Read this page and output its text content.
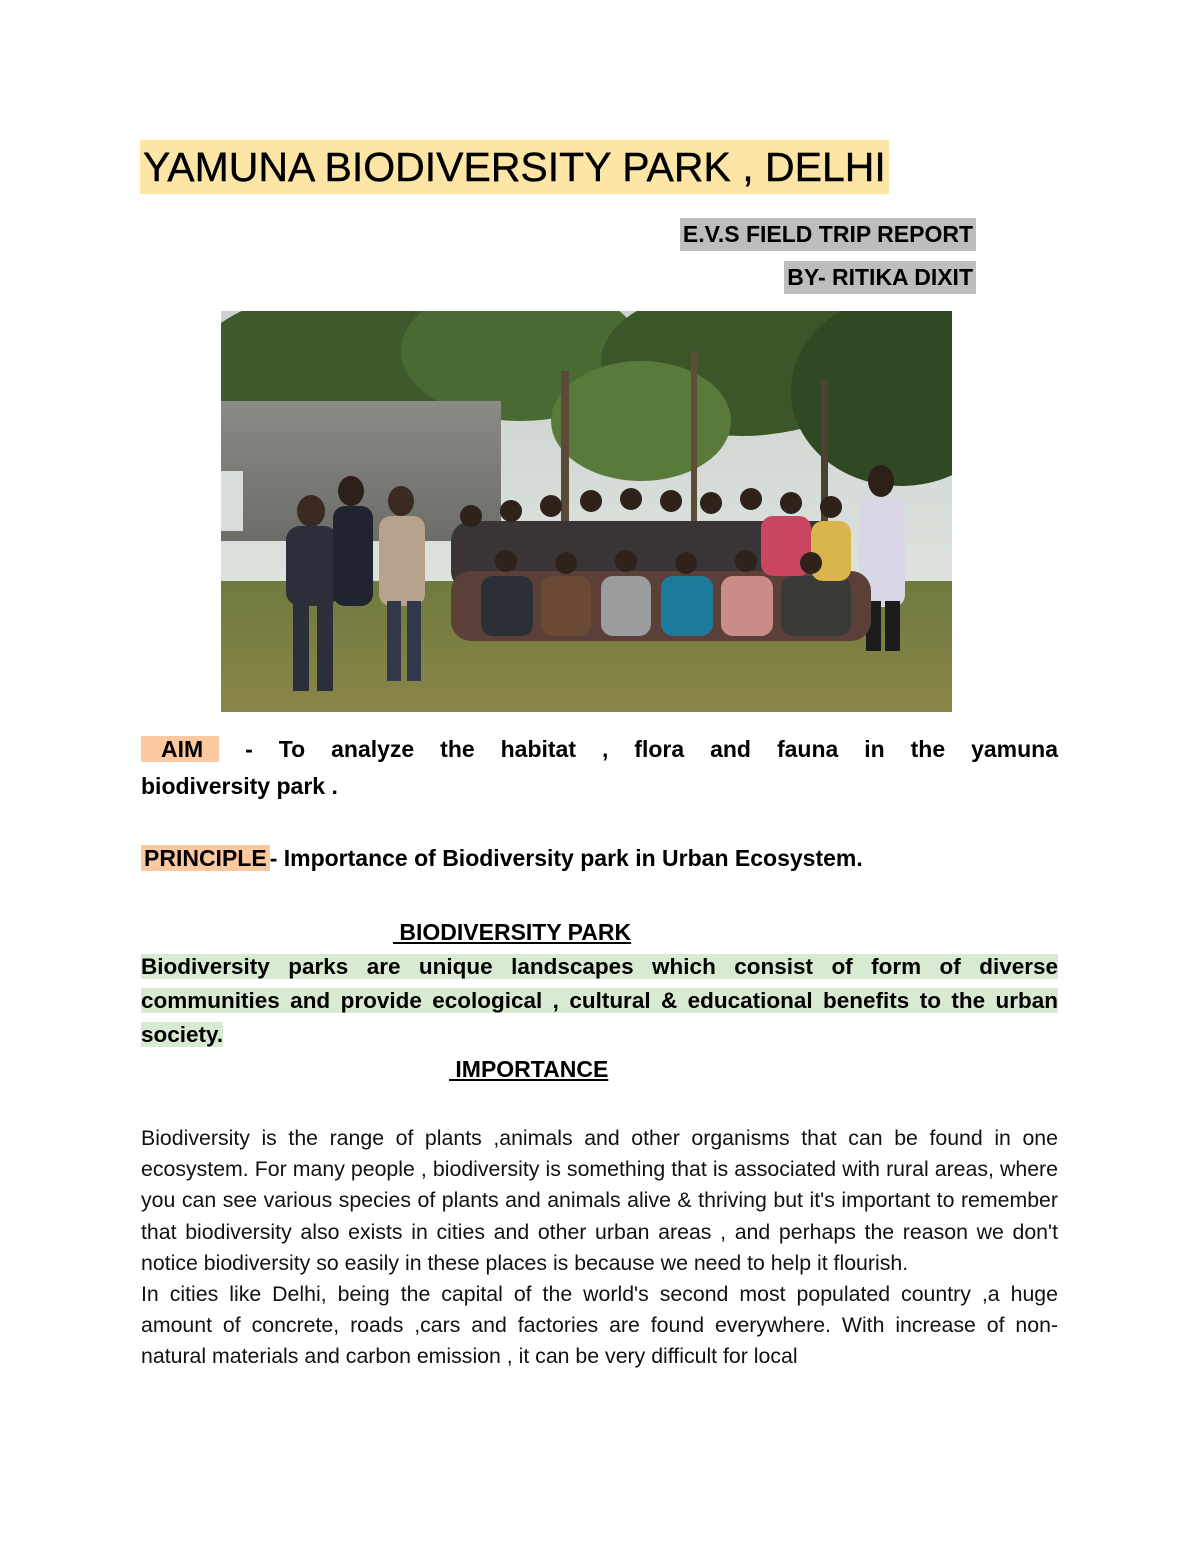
YAMUNA BIODIVERSITY PARK , DELHI
E.V.S FIELD TRIP REPORT
BY- RITIKA DIXIT
AIM - To analyze the habitat , flora and fauna in the yamuna
biodiversity park .
PRINCIPLE - Importance of Biodiversity park in Urban Ecosystem.
BIODIVERSITY PARK
Biodiversity parks are unique landscapes which consist of form of diverse communities and provide ecological , cultural & educational benefits to the urban society.
IMPORTANCE

Biodiversity is the range of plants ,animals and other organisms that can be found in one ecosystem. For many people , biodiversity is something that is associated with rural areas, where you can see various species of plants and animals alive & thriving but it's important to remember that biodiversity also exists in cities and other urban areas , and perhaps the reason we don't notice biodiversity so easily in these places is because we need to help it flourish.

In cities like Delhi, being the capital of the world's second most populated country ,a huge amount of concrete, roads ,cars and factories are found everywhere. With increase of non-natural materials and carbon emission , it can be very difficult for local
